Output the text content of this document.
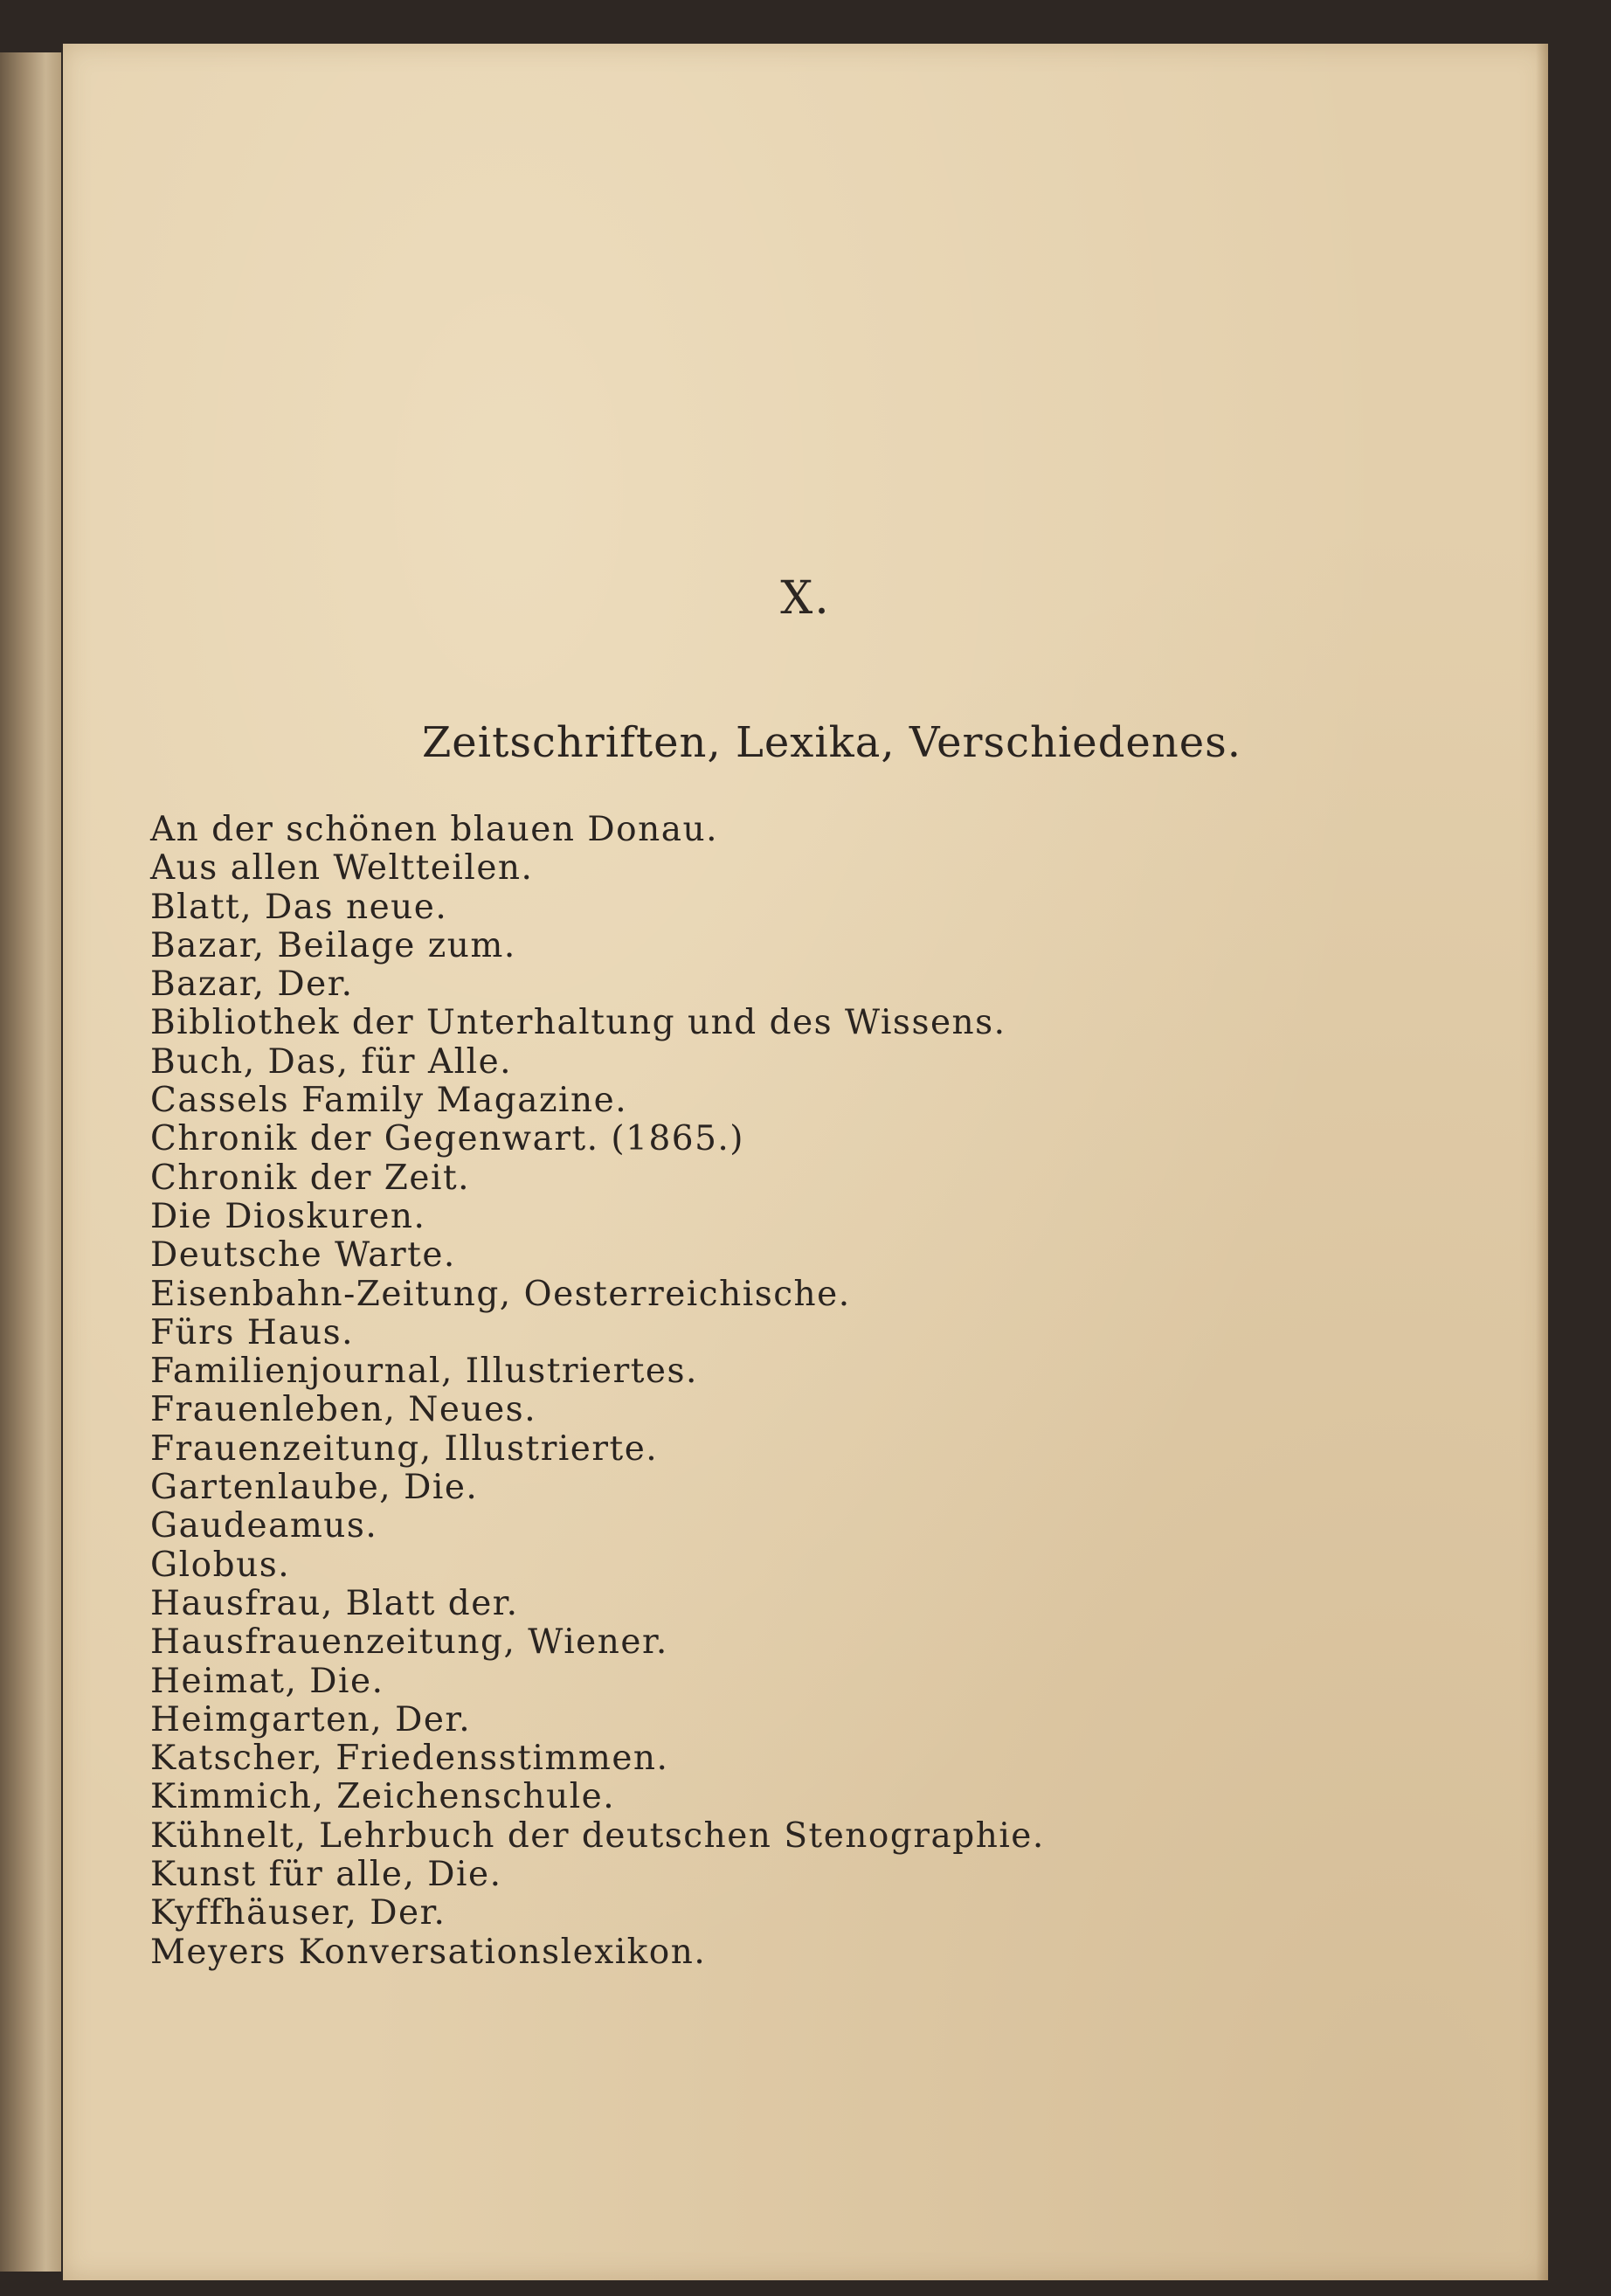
X.
Zeitschriften, Lexika, Verschiedenes.
An der schönen blauen Donau.
Aus allen Weltteilen.
Blatt, Das neue.
Bazar, Beilage zum.
Bazar, Der.
Bibliothek der Unterhaltung und des Wissens.
Buch, Das, für Alle.
Cassels Family Magazine.
Chronik der Gegenwart. (1865.)
Chronik der Zeit.
Die Dioskuren.
Deutsche Warte.
Eisenbahn-Zeitung, Oesterreichische.
Fürs Haus.
Familienjournal, Illustriertes.
Frauenleben, Neues.
Frauenzeitung, Illustrierte.
Gartenlaube, Die.
Gaudeamus.
Globus.
Hausfrau, Blatt der.
Hausfrauenzeitung, Wiener.
Heimat, Die.
Heimgarten, Der.
Katscher, Friedensstimmen.
Kimmich, Zeichenschule.
Kühnelt, Lehrbuch der deutschen Stenographie.
Kunst für alle, Die.
Kyffhäuser, Der.
Meyers Konversationslexikon.
